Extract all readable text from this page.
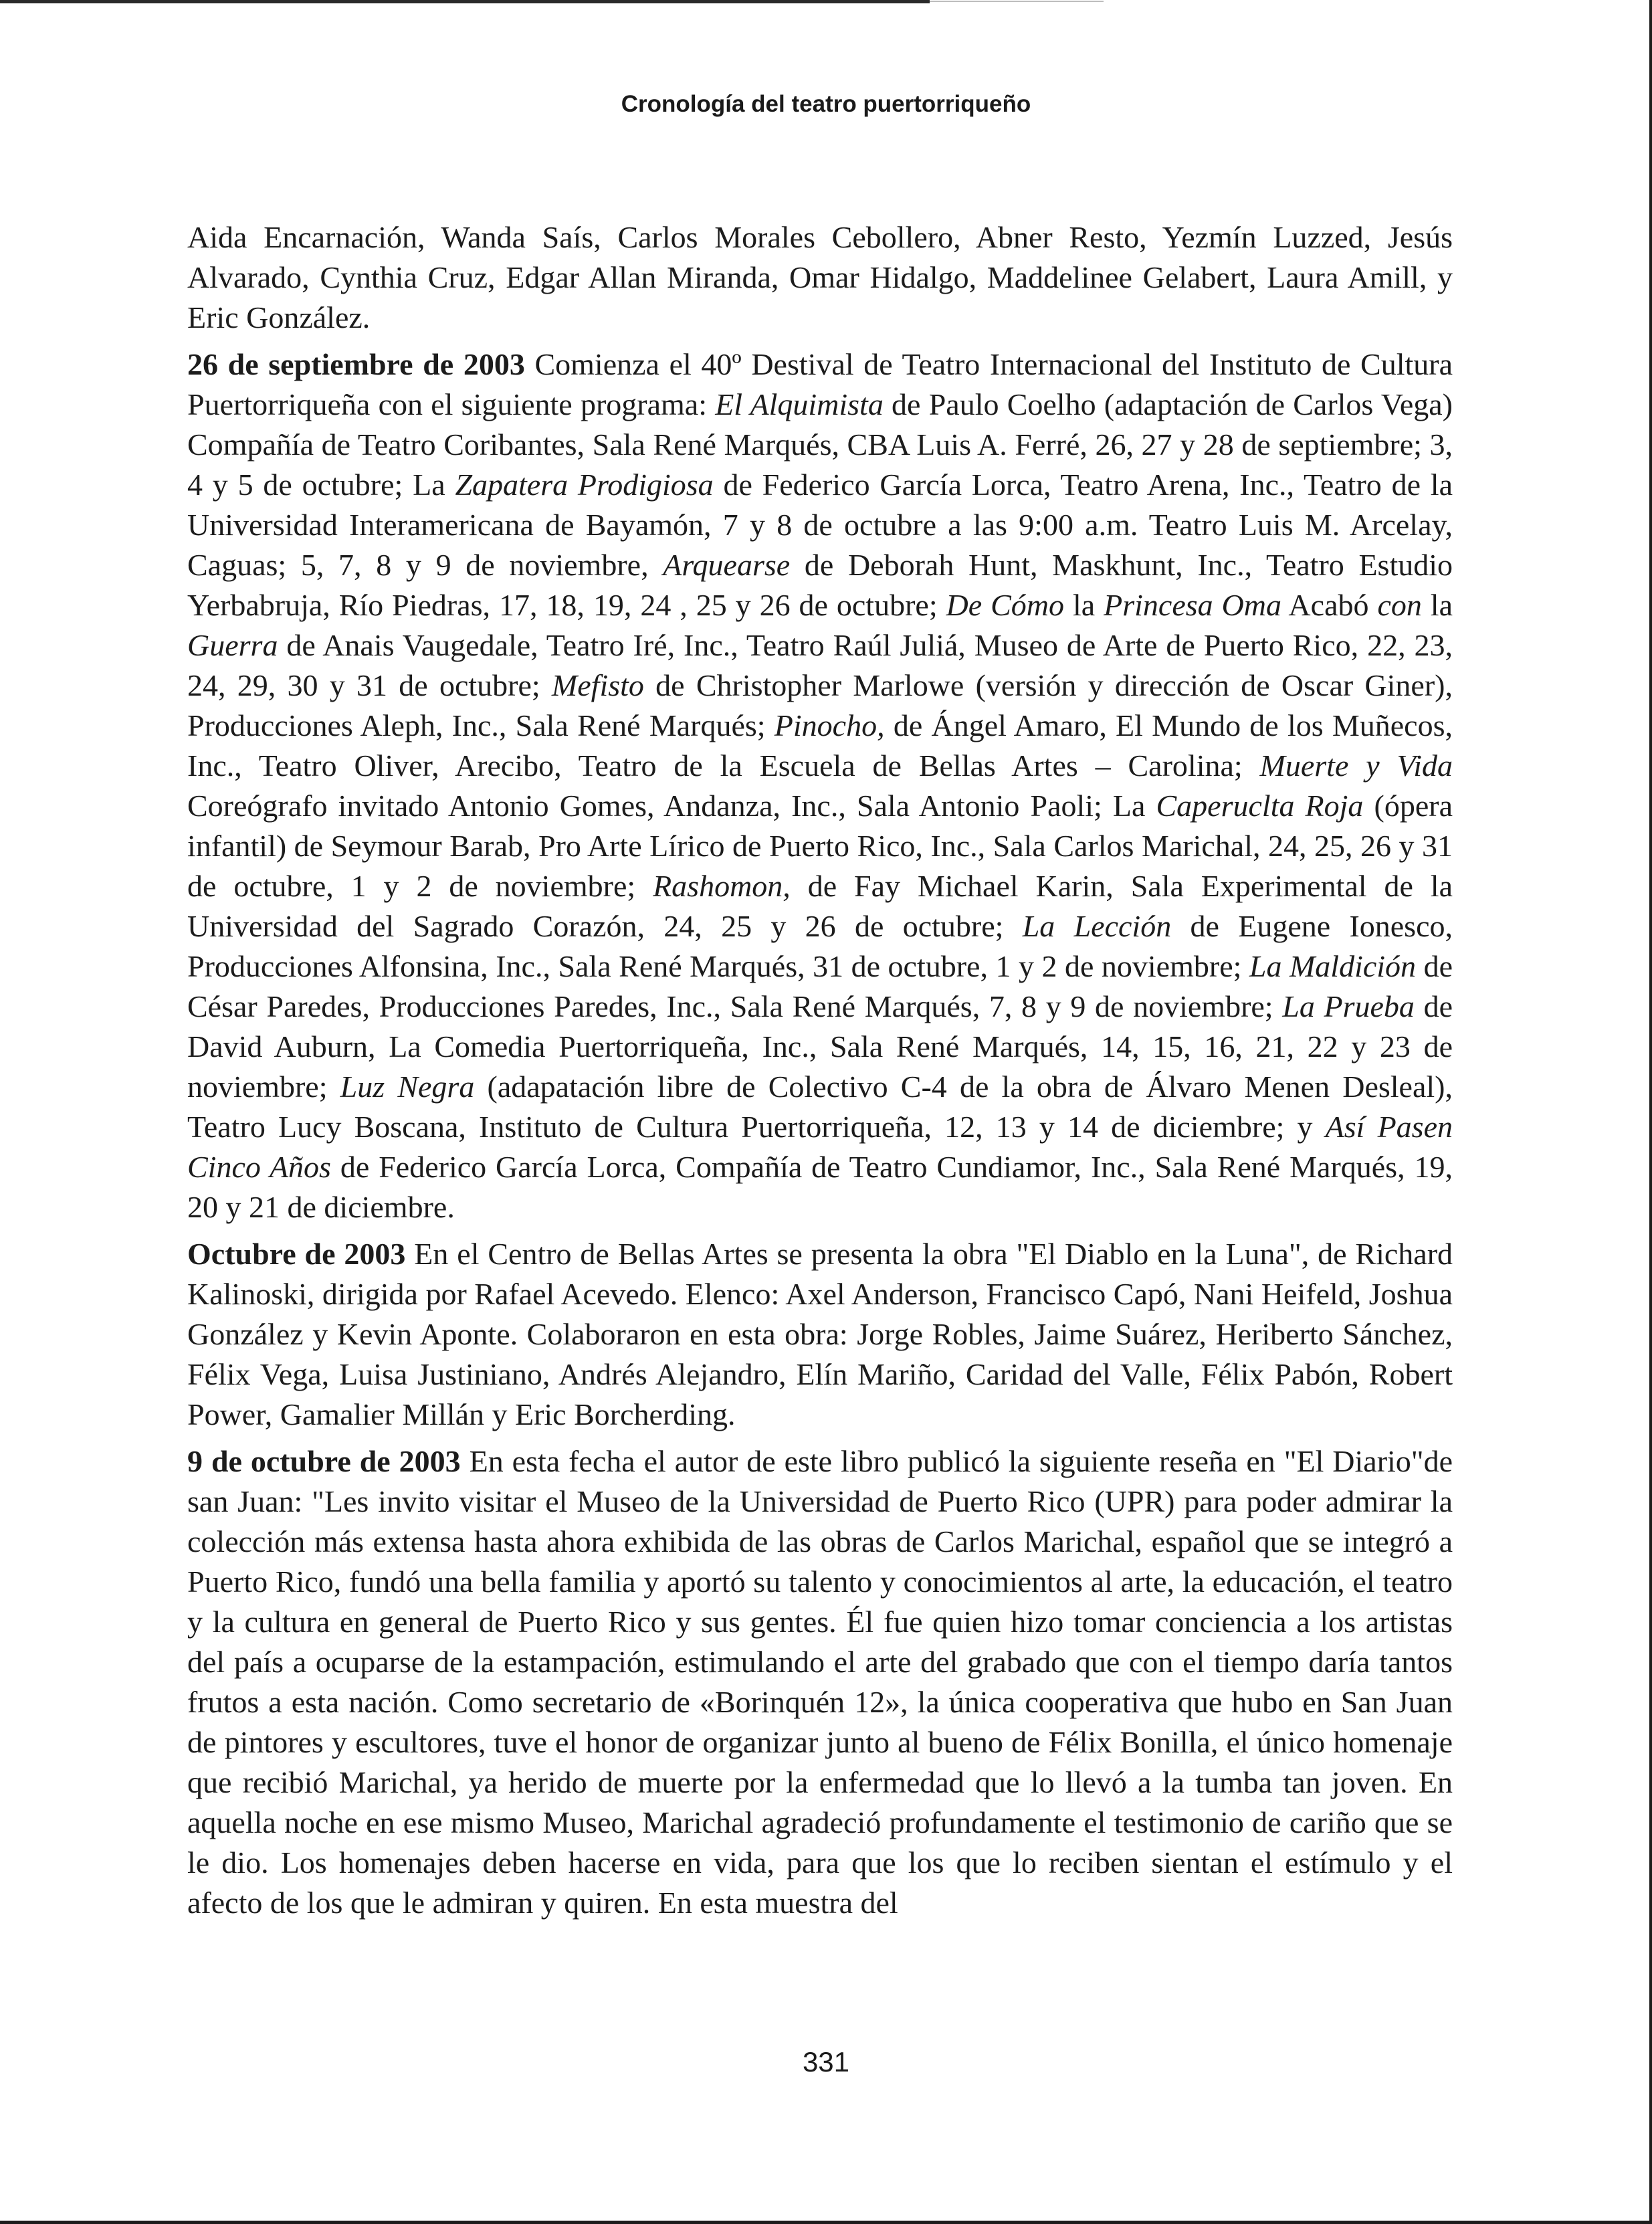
Cronología del teatro puertorriqueño

Aida Encarnación, Wanda Saís, Carlos Morales Cebollero, Abner Resto, Yezmín Luzzed, Jesús Alvarado, Cynthia Cruz, Edgar Allan Miranda, Omar Hidalgo, Maddelinee Gelabert, Laura Amill, y Eric González.

26 de septiembre de 2003 Comienza el 40º Destival de Teatro Internacional del Instituto de Cultura Puertorriqueña con el siguiente programa: El Alquimista de Paulo Coelho (adaptación de Carlos Vega) Compañía de Teatro Coribantes, Sala René Marqués, CBA Luis A. Ferré, 26, 27 y 28 de septiembre; 3, 4 y 5 de octubre; La Zapatera Prodigiosa de Federico García Lorca, Teatro Arena, Inc., Teatro de la Universidad Interamericana de Bayamón, 7 y 8 de octubre a las 9:00 a.m. Teatro Luis M. Arcelay, Caguas; 5, 7, 8 y 9 de noviembre, Arquearse de Deborah Hunt, Maskhunt, Inc., Teatro Estudio Yerbabruja, Río Piedras, 17, 18, 19, 24 , 25 y 26 de octubre; De Cómo la Princesa Oma Acabó con la Guerra de Anais Vaugedale, Teatro Iré, Inc., Teatro Raúl Juliá, Museo de Arte de Puerto Rico, 22, 23, 24, 29, 30 y 31 de octubre; Mefisto de Christopher Marlowe (versión y dirección de Oscar Giner), Producciones Aleph, Inc., Sala René Marqués; Pinocho, de Ángel Amaro, El Mundo de los Muñecos, Inc., Teatro Oliver, Arecibo, Teatro de la Escuela de Bellas Artes – Carolina; Muerte y Vida Coreógrafo invitado Antonio Gomes, Andanza, Inc., Sala Antonio Paoli; La Caperuclta Roja (ópera infantil) de Seymour Barab, Pro Arte Lírico de Puerto Rico, Inc., Sala Carlos Marichal, 24, 25, 26 y 31 de octubre, 1 y 2 de noviembre; Rashomon, de Fay Michael Karin, Sala Experimental de la Universidad del Sagrado Corazón, 24, 25 y 26 de octubre; La Lección de Eugene Ionesco, Producciones Alfonsina, Inc., Sala René Marqués, 31 de octubre, 1 y 2 de noviembre; La Maldición de César Paredes, Producciones Paredes, Inc., Sala René Marqués, 7, 8 y 9 de noviembre; La Prueba de David Auburn, La Comedia Puertorriqueña, Inc., Sala René Marqués, 14, 15, 16, 21, 22 y 23 de noviembre; Luz Negra (adapatación libre de Colectivo C-4 de la obra de Álvaro Menen Desleal), Teatro Lucy Boscana, Instituto de Cultura Puertorriqueña, 12, 13 y 14 de diciembre; y Así Pasen Cinco Años de Federico García Lorca, Compañía de Teatro Cundiamor, Inc., Sala René Marqués, 19, 20 y 21 de diciembre.

Octubre de 2003 En el Centro de Bellas Artes se presenta la obra "El Diablo en la Luna", de Richard Kalinoski, dirigida por Rafael Acevedo. Elenco: Axel Anderson, Francisco Capó, Nani Heifeld, Joshua González y Kevin Aponte. Colaboraron en esta obra: Jorge Robles, Jaime Suárez, Heriberto Sánchez, Félix Vega, Luisa Justiniano, Andrés Alejandro, Elín Mariño, Caridad del Valle, Félix Pabón, Robert Power, Gamalier Millán y Eric Borcherding.

9 de octubre de 2003 En esta fecha el autor de este libro publicó la siguiente reseña en "El Diario"de san Juan: "Les invito visitar el Museo de la Universidad de Puerto Rico (UPR) para poder admirar la colección más extensa hasta ahora exhibida de las obras de Carlos Marichal, español que se integró a Puerto Rico, fundó una bella familia y aportó su talento y conocimientos al arte, la educación, el teatro y la cultura en general de Puerto Rico y sus gentes. Él fue quien hizo tomar conciencia a los artistas del país a ocuparse de la estampación, estimulando el arte del grabado que con el tiempo daría tantos frutos a esta nación. Como secretario de «Borinquén 12», la única cooperativa que hubo en San Juan de pintores y escultores, tuve el honor de organizar junto al bueno de Félix Bonilla, el único homenaje que recibió Marichal, ya herido de muerte por la enfermedad que lo llevó a la tumba tan joven. En aquella noche en ese mismo Museo, Marichal agradeció profundamente el testimonio de cariño que se le dio. Los homenajes deben hacerse en vida, para que los que lo reciben sientan el estímulo y el afecto de los que le admiran y quiren. En esta muestra del

331
